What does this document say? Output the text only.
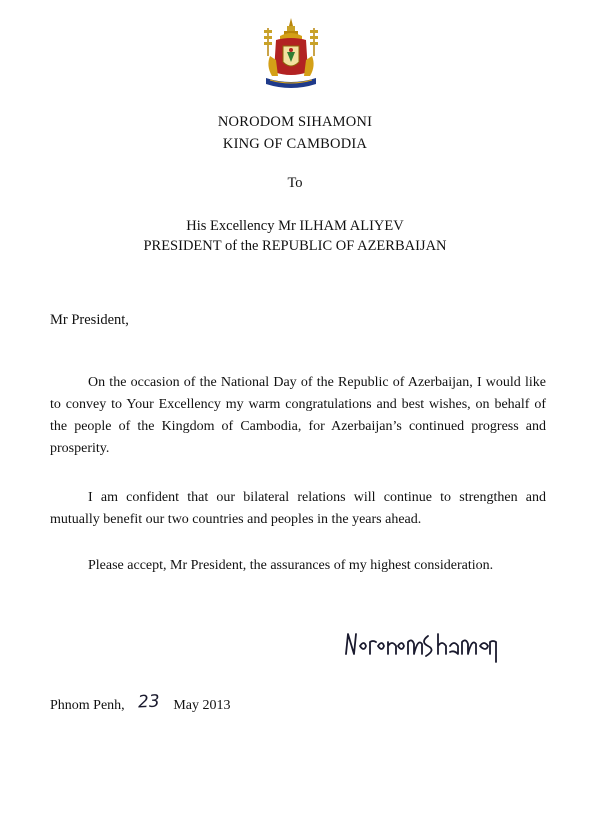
NORODOM SIHAMONI
KING OF CAMBODIA
To
His Excellency Mr ILHAM ALIYEV
PRESIDENT of the REPUBLIC OF AZERBAIJAN
Mr President,
On the occasion of the National Day of the Republic of Azerbaijan, I would like to convey to Your Excellency my warm congratulations and best wishes, on behalf of the people of the Kingdom of Cambodia, for Azerbaijan’s continued progress and prosperity.
I am confident that our bilateral relations will continue to strengthen and mutually benefit our two countries and peoples in the years ahead.
Please accept, Mr President, the assurances of my highest consideration.
Phnom Penh, 23 May 2013
